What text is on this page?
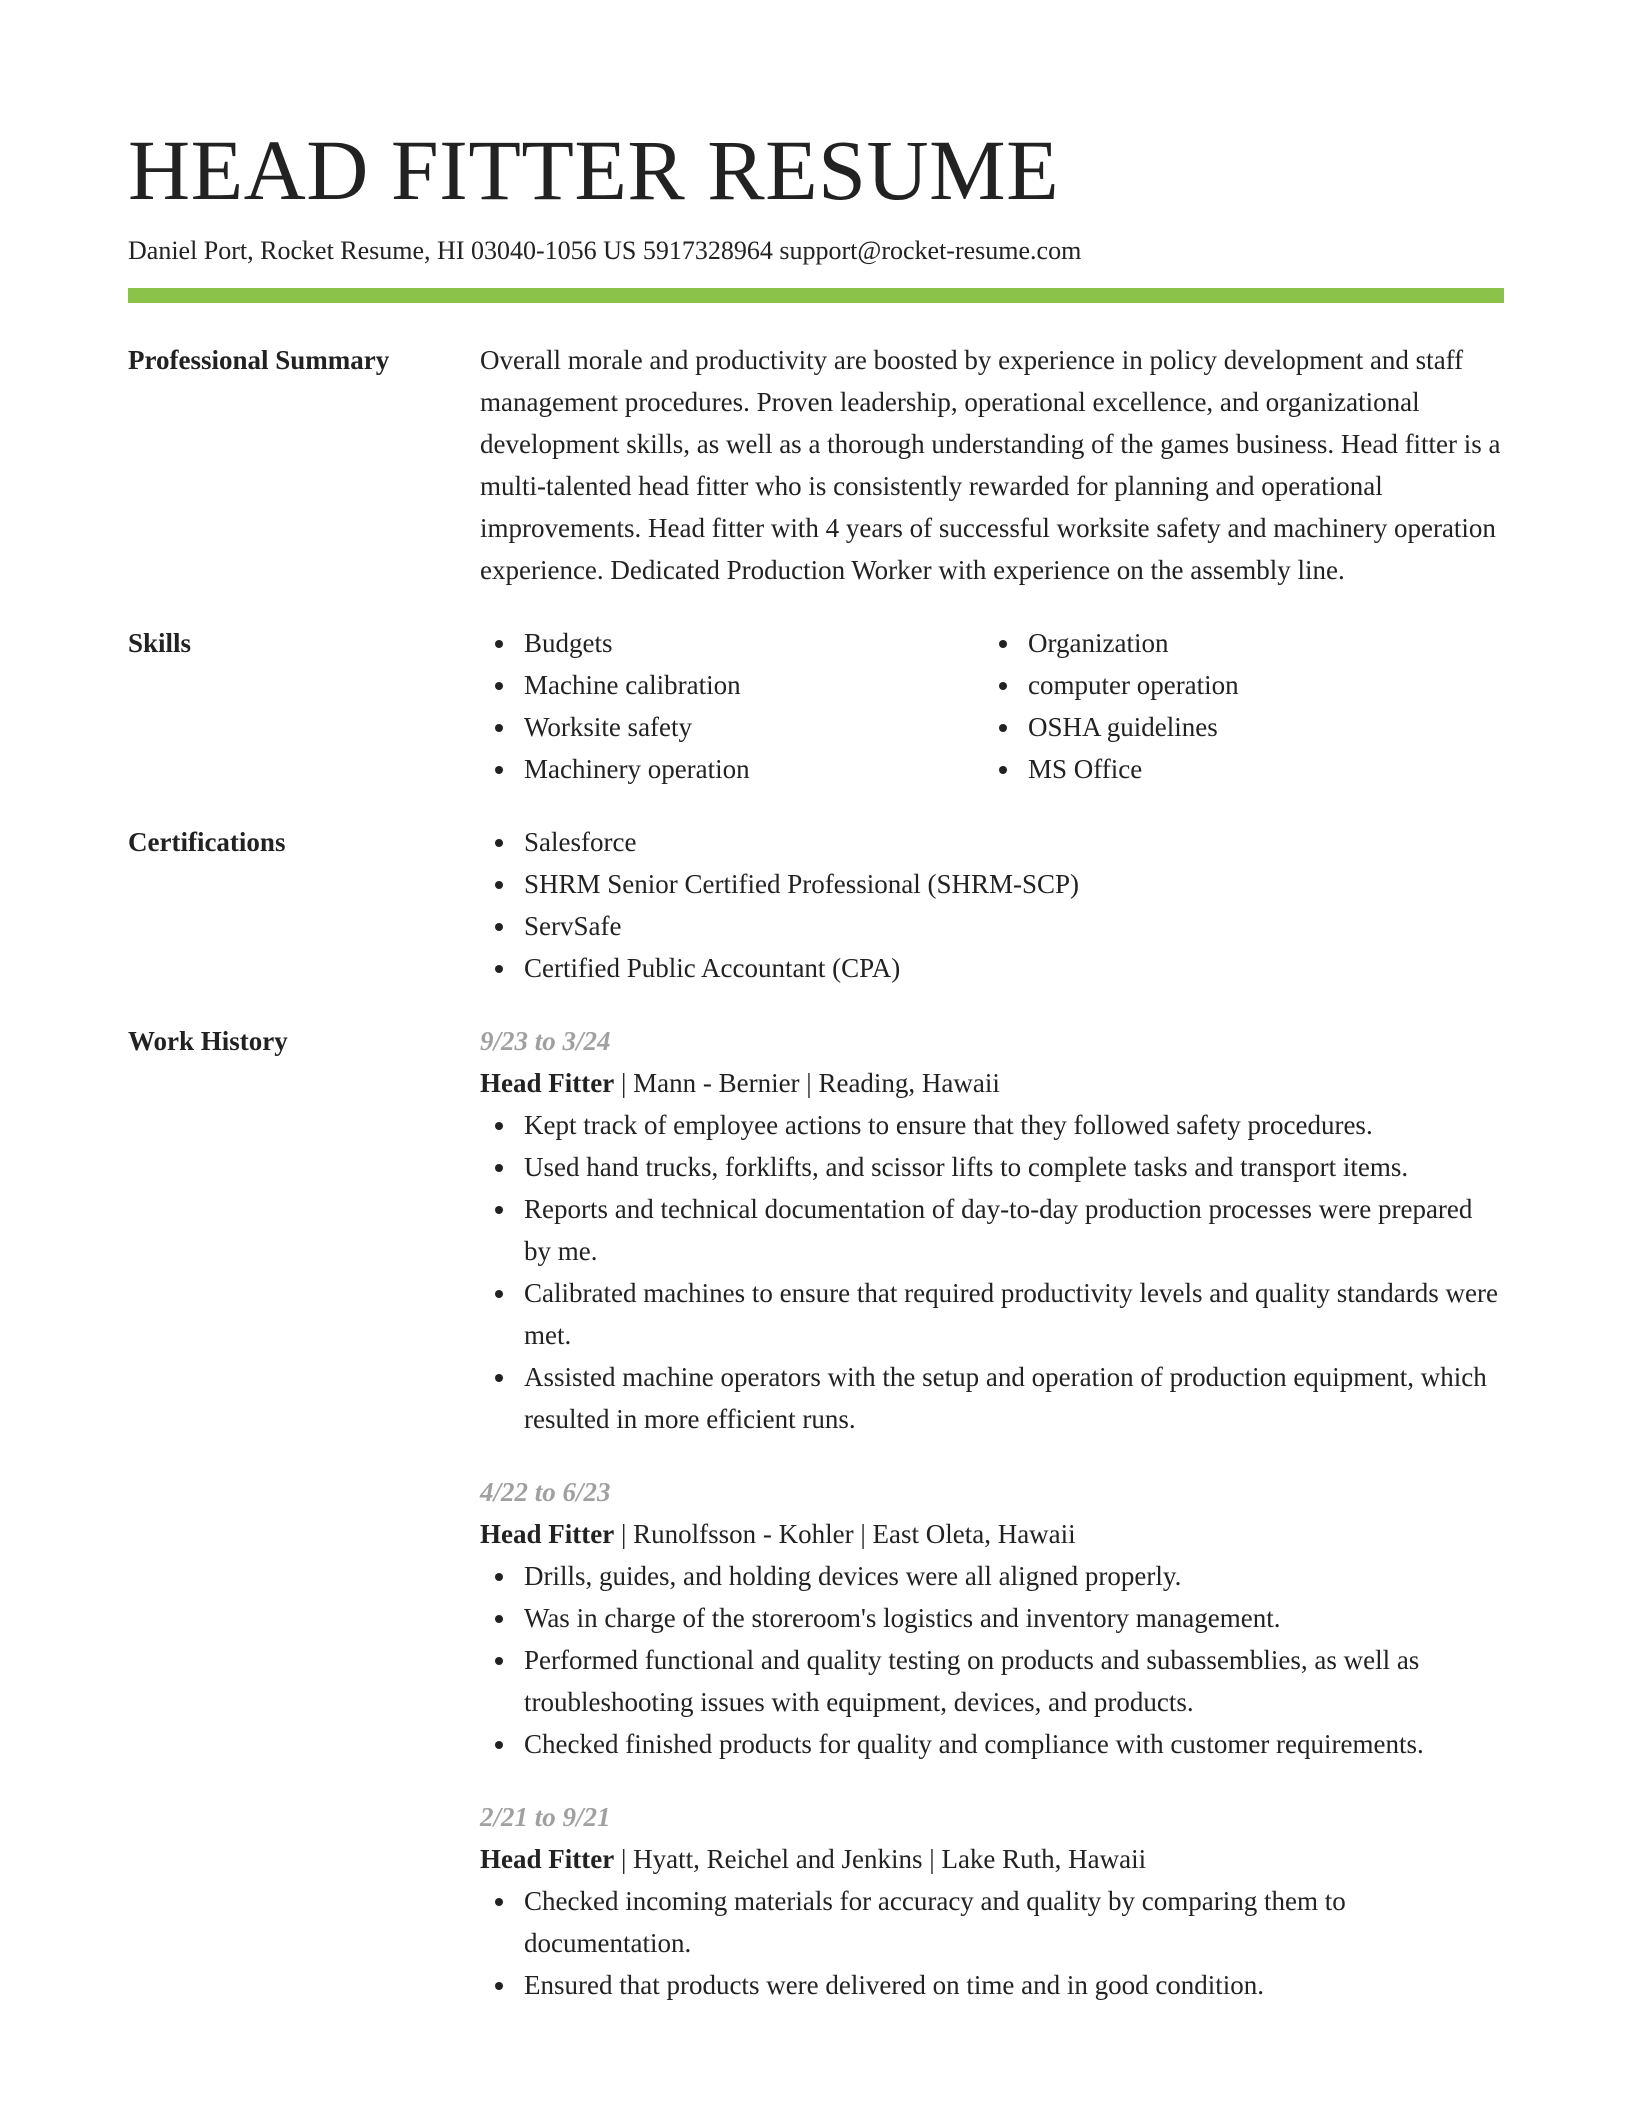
HEAD FITTER RESUME
Daniel Port, Rocket Resume, HI 03040-1056 US 5917328964 support@rocket-resume.com
Professional Summary	Overall morale and productivity are boosted by experience in policy development and staff management procedures. Proven leadership, operational excellence, and organizational development skills, as well as a thorough understanding of the games business. Head fitter is a multi-talented head fitter who is consistently rewarded for planning and operational improvements. Head fitter with 4 years of successful worksite safety and machinery operation experience. Dedicated Production Worker with experience on the assembly line.

Skills	Budgets
Machine calibration
Worksite safety
Machinery operation
Organization
computer operation
OSHA guidelines
MS Office
Certifications	Salesforce
SHRM Senior Certified Professional (SHRM-SCP)
ServSafe
Certified Public Accountant (CPA)
Work History	9/23 to 3/24
Head Fitter | Mann - Bernier | Reading, Hawaii
Kept track of employee actions to ensure that they followed safety procedures.
Used hand trucks, forklifts, and scissor lifts to complete tasks and transport items.
Reports and technical documentation of day-to-day production processes were prepared by me.
Calibrated machines to ensure that required productivity levels and quality standards were met.
Assisted machine operators with the setup and operation of production equipment, which resulted in more efficient runs.
4/22 to 6/23
Head Fitter | Runolfsson - Kohler | East Oleta, Hawaii
Drills, guides, and holding devices were all aligned properly.
Was in charge of the storeroom's logistics and inventory management.
Performed functional and quality testing on products and subassemblies, as well as troubleshooting issues with equipment, devices, and products.
Checked finished products for quality and compliance with customer requirements.
2/21 to 9/21
Head Fitter | Hyatt, Reichel and Jenkins | Lake Ruth, Hawaii
Checked incoming materials for accuracy and quality by comparing them to documentation.
Ensured that products were delivered on time and in good condition.
